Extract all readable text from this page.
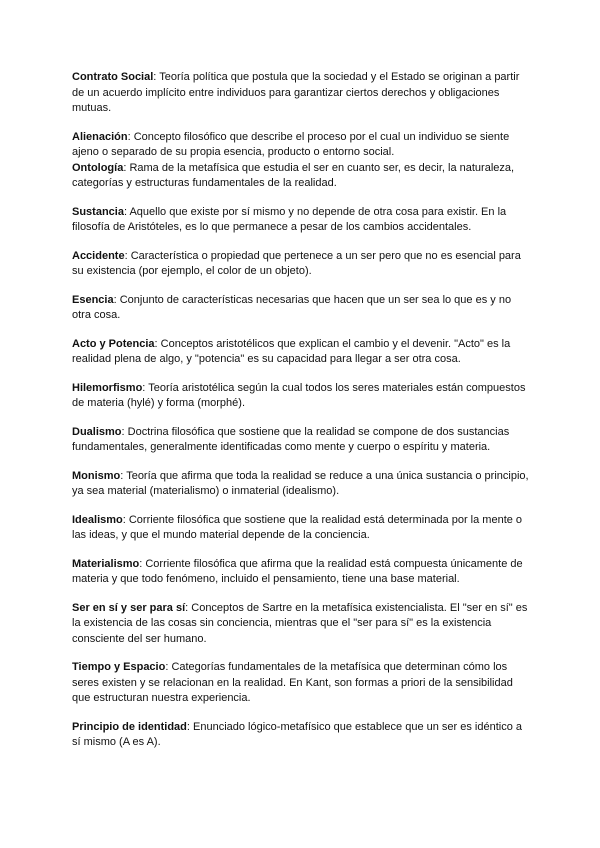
Contrato Social: Teoría política que postula que la sociedad y el Estado se originan a partir de un acuerdo implícito entre individuos para garantizar ciertos derechos y obligaciones mutuas.

Alienación: Concepto filosófico que describe el proceso por el cual un individuo se siente ajeno o separado de su propia esencia, producto o entorno social.

Ontología: Rama de la metafísica que estudia el ser en cuanto ser, es decir, la naturaleza, categorías y estructuras fundamentales de la realidad.

Sustancia: Aquello que existe por sí mismo y no depende de otra cosa para existir. En la filosofía de Aristóteles, es lo que permanece a pesar de los cambios accidentales.

Accidente: Característica o propiedad que pertenece a un ser pero que no es esencial para su existencia (por ejemplo, el color de un objeto).

Esencia: Conjunto de características necesarias que hacen que un ser sea lo que es y no otra cosa.

Acto y Potencia: Conceptos aristotélicos que explican el cambio y el devenir. "Acto" es la realidad plena de algo, y "potencia" es su capacidad para llegar a ser otra cosa.

Hilemorfismo: Teoría aristotélica según la cual todos los seres materiales están compuestos de materia (hylé) y forma (morphé).

Dualismo: Doctrina filosófica que sostiene que la realidad se compone de dos sustancias fundamentales, generalmente identificadas como mente y cuerpo o espíritu y materia.

Monismo: Teoría que afirma que toda la realidad se reduce a una única sustancia o principio, ya sea material (materialismo) o inmaterial (idealismo).

Idealismo: Corriente filosófica que sostiene que la realidad está determinada por la mente o las ideas, y que el mundo material depende de la conciencia.

Materialismo: Corriente filosófica que afirma que la realidad está compuesta únicamente de materia y que todo fenómeno, incluido el pensamiento, tiene una base material.

Ser en sí y ser para sí: Conceptos de Sartre en la metafísica existencialista. El "ser en sí" es la existencia de las cosas sin conciencia, mientras que el "ser para sí" es la existencia consciente del ser humano.

Tiempo y Espacio: Categorías fundamentales de la metafísica que determinan cómo los seres existen y se relacionan en la realidad. En Kant, son formas a priori de la sensibilidad que estructuran nuestra experiencia.

Principio de identidad: Enunciado lógico-metafísico que establece que un ser es idéntico a sí mismo (A es A).
